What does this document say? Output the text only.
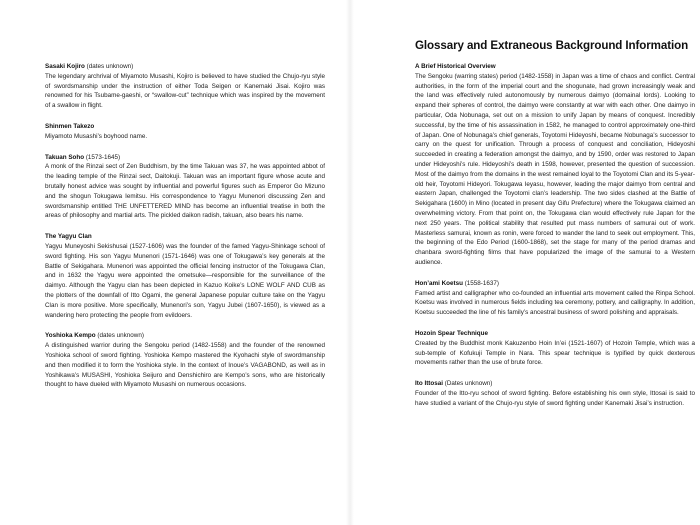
Sasaki Kojiro (dates unknown)

The legendary archrival of Miyamoto Musashi, Kojiro is believed to have studied the Chujo-ryu style of swordsmanship under the instruction of either Toda Seigen or Kanemaki Jisai. Kojiro was renowned for his Tsubame-gaeshi, or “swallow-cut” technique which was inspired by the movement of a swallow in flight.

Shinmen Takezo

Miyamoto Musashi’s boyhood name.

Takuan Soho (1573-1645)

A monk of the Rinzai sect of Zen Buddhism, by the time Takuan was 37, he was appointed abbot of the leading temple of the Rinzai sect, Daitokuji. Takuan was an important figure whose acute and brutally honest advice was sought by influential and powerful figures such as Emperor Go Mizuno and the shogun Tokugawa Iemitsu. His correspondence to Yagyu Munenori discussing Zen and swordsmanship entitled THE UNFETTERED MIND has become an influential treatise in both the areas of philosophy and martial arts. The pickled daikon radish, takuan, also bears his name.

The Yagyu Clan

Yagyu Muneyoshi Sekishusai (1527-1606) was the founder of the famed Yagyu-Shinkage school of sword fighting. His son Yagyu Munenori (1571-1646) was one of Tokugawa’s key generals at the Battle of Sekigahara. Munenori was appointed the official fencing instructor of the Tokugawa Clan, and in 1632 the Yagyu were appointed the ometsuke—responsible for the surveillance of the daimyo. Although the Yagyu clan has been depicted in Kazuo Koike’s LONE WOLF AND CUB as the plotters of the downfall of Itto Ogami, the general Japanese popular culture take on the Yagyu Clan is more positive. More specifically, Munenori’s son, Yagyu Jubei (1607-1650), is viewed as a wandering hero protecting the people from evildoers.

Yoshioka Kempo (dates unknown)

A distinguished warrior during the Sengoku period (1482-1558) and the founder of the renowned Yoshioka school of sword fighting. Yoshioka Kempo mastered the Kyohachi style of swordmanship and then modified it to form the Yoshioka style. In the context of Inoue’s VAGABOND, as well as in Yoshikawa’s MUSASHI, Yoshioka Seijuro and Denshichiro are Kempo’s sons, who are historically thought to have dueled with Miyamoto Musashi on numerous occasions.

Glossary and Extraneous Background Information
A Brief Historical Overview

The Sengoku (warring states) period (1482-1558) in Japan was a time of chaos and conflict. Central authorities, in the form of the imperial court and the shogunate, had grown increasingly weak and the land was effectively ruled autonomously by numerous daimyo (domainal lords). Looking to expand their spheres of control, the daimyo were constantly at war with each other. One daimyo in particular, Oda Nobunaga, set out on a mission to unify Japan by means of conquest. Incredibly successful, by the time of his assassination in 1582, he managed to control approximately one-third of Japan. One of Nobunaga’s chief generals, Toyotomi Hideyoshi, became Nobunaga’s successor to carry on the quest for unification. Through a process of conquest and conciliation, Hideyoshi succeeded in creating a federation amongst the daimyo, and by 1590, order was restored to Japan under Hideyoshi’s rule. Hideyoshi’s death in 1598, however, presented the question of succession. Most of the daimyo from the domains in the west remained loyal to the Toyotomi Clan and its 5-year-old heir, Toyotomi Hideyori. Tokugawa Ieyasu, however, leading the major daimyo from central and eastern Japan, challenged the Toyotomi clan’s leadership. The two sides clashed at the Battle of Sekigahara (1600) in Mino (located in present day Gifu Prefecture) where the Tokugawa claimed an overwhelming victory. From that point on, the Tokugawa clan would effectively rule Japan for the next 250 years. The political stability that resulted put mass numbers of samurai out of work. Masterless samurai, known as ronin, were forced to wander the land to seek out employment. This, the beginning of the Edo Period (1600-1868), set the stage for many of the period dramas and chanbara sword-fighting films that have popularized the image of the samurai to a Western audience.

Hon’ami Koetsu (1558-1637)

Famed artist and calligrapher who co-founded an influential arts movement called the Rinpa School. Koetsu was involved in numerous fields including tea ceremony, pottery, and calligraphy. In addition, Koetsu succeeded the line of his family’s ancestral business of sword polishing and appraisals.

Hozoin Spear Technique

Created by the Buddhist monk Kakuzenbo Hoin In’ei (1521-1607) of Hozoin Temple, which was a sub-temple of Kofukuji Temple in Nara. This spear technique is typified by quick dexterous movements rather than the use of brute force.

Ito Ittosai (Dates unknown)

Founder of the Itto-ryu school of sword fighting. Before establishing his own style, Ittosai is said to have studied a variant of the Chujo-ryu style of sword fighting under Kanemaki Jisai’s instruction.
